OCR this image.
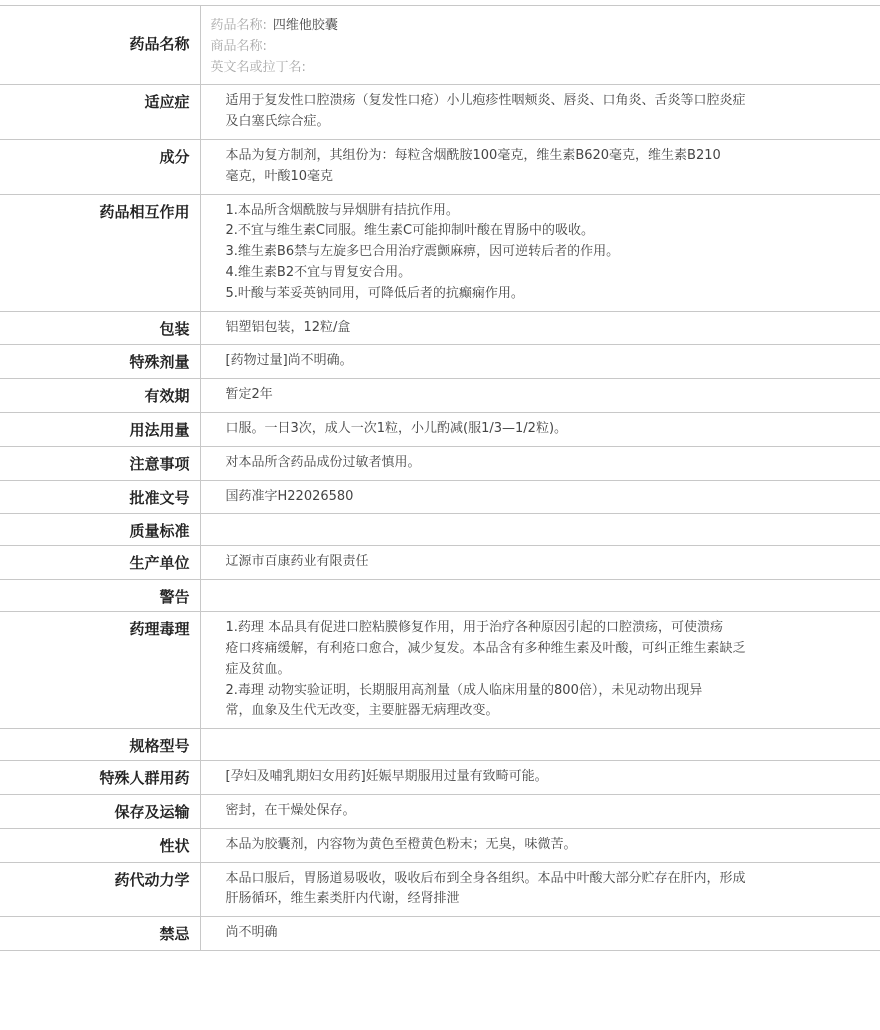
药品名称	药品名称: 四维他胶囊
商品名称:
英文名或拉丁名:

适应症	适用于复发性口腔溃疡（复发性口疮）小儿疱疹性咽颊炎、唇炎、口角炎、舌炎等口腔炎症
及白塞氏综合症。

成分	本品为复方制剂，其组份为：每粒含烟酰胺100毫克，维生素B620毫克，维生素B210
毫克，叶酸10毫克

药品相互作用	1.本品所含烟酰胺与异烟肼有拮抗作用。
2.不宜与维生素C同服。维生素C可能抑制叶酸在胃肠中的吸收。
3.维生素B6禁与左旋多巴合用治疗震颤麻痹，因可逆转后者的作用。
4.维生素B2不宜与胃复安合用。
5.叶酸与苯妥英钠同用，可降低后者的抗癫痫作用。

包装	铝塑铝包装，12粒/盒

特殊剂量	[药物过量]尚不明确。

有效期	暂定2年

用法用量	口服。一日3次，成人一次1粒，小儿酌减(服1/3—1/2粒)。

注意事项	对本品所含药品成份过敏者慎用。

批准文号	国药准字H22026580

质量标准	
生产单位	辽源市百康药业有限责任

警告	
药理毒理	1.药理 本品具有促进口腔粘膜修复作用，用于治疗各种原因引起的口腔溃疡，可使溃疡
疮口疼痛缓解，有利疮口愈合，减少复发。本品含有多种维生素及叶酸，可纠正维生素缺乏
症及贫血。
2.毒理 动物实验证明，长期服用高剂量（成人临床用量的800倍），未见动物出现异
常，血象及生代无改变，主要脏器无病理改变。

规格型号	
特殊人群用药	[孕妇及哺乳期妇女用药]妊娠早期服用过量有致畸可能。

保存及运输	密封，在干燥处保存。

性状	本品为胶囊剂，内容物为黄色至橙黄色粉末；无臭，味微苦。

药代动力学	本品口服后，胃肠道易吸收，吸收后布到全身各组织。本品中叶酸大部分贮存在肝内，形成
肝肠循环，维生素类肝内代谢，经肾排泄

禁忌	尚不明确
